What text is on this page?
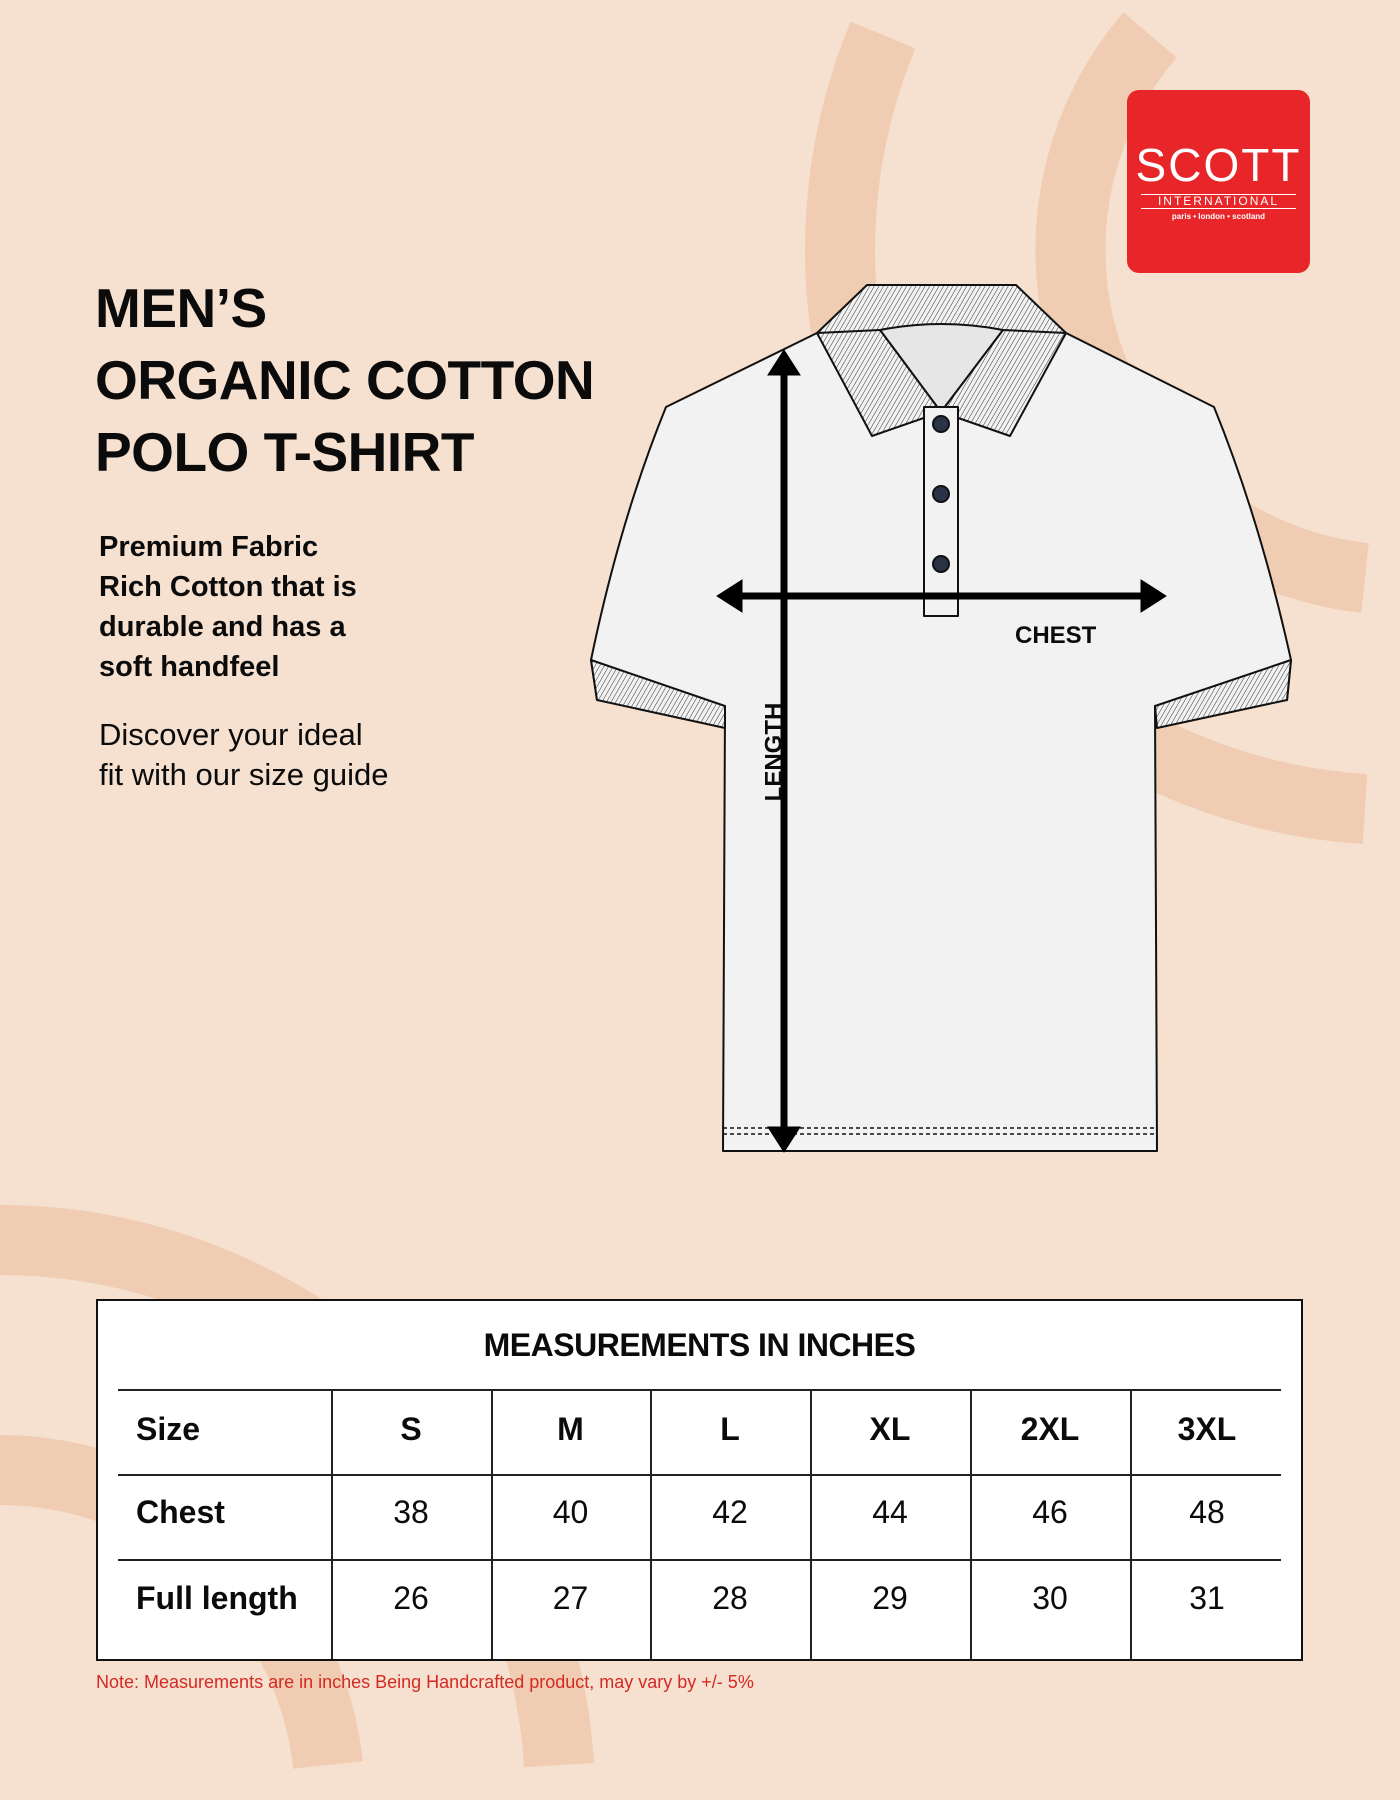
CHEST
LENGTH
SCOTT
INTERNATIONAL
paris • london • scotland
MEN’S
ORGANIC COTTON
POLO T-SHIRT
Premium Fabric
Rich Cotton that is
durable and has a
soft handfeel
Discover your ideal
fit with our size guide
MEASUREMENTS IN INCHES
Size	S	M	L	XL	2XL	3XL
Chest	38	40	42	44	46	48
Full length	26	27	28	29	30	31
Note: Measurements are in inches Being Handcrafted product, may vary by +/- 5%
